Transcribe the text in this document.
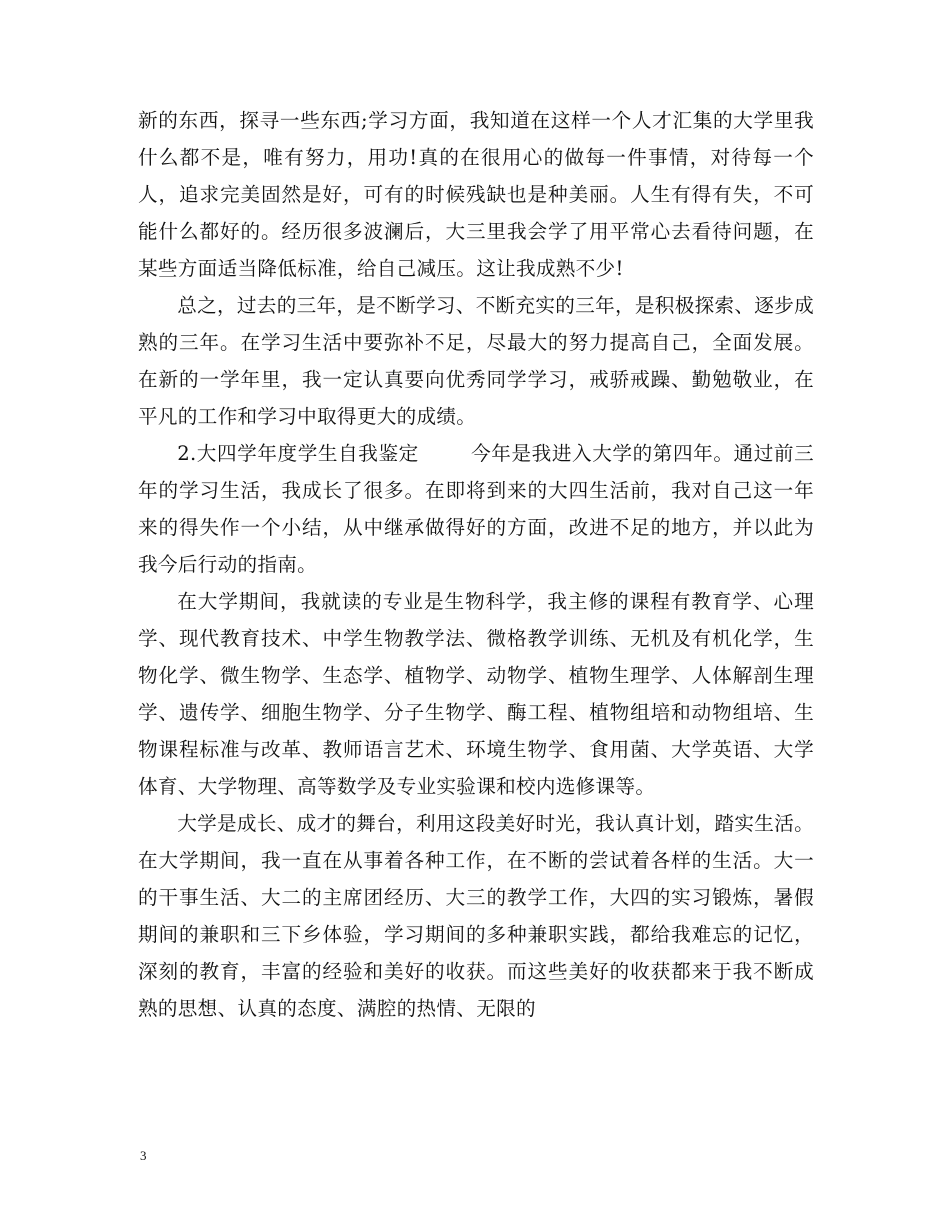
新的东西，探寻一些东西;学习方面，我知道在这样一个人才汇集的大学里我什么都不是，唯有努力，用功!真的在很用心的做每一件事情，对待每一个人，追求完美固然是好，可有的时候残缺也是种美丽。人生有得有失，不可能什么都好的。经历很多波澜后，大三里我会学了用平常心去看待问题，在某些方面适当降低标准，给自己减压。这让我成熟不少!

总之，过去的三年，是不断学习、不断充实的三年，是积极探索、逐步成熟的三年。在学习生活中要弥补不足，尽最大的努力提高自己，全面发展。在新的一学年里，我一定认真要向优秀同学学习，戒骄戒躁、勤勉敬业，在平凡的工作和学习中取得更大的成绩。

2.大四学年度学生自我鉴定	今年是我进入大学的第四年。通过前三年的学习生活，我成长了很多。在即将到来的大四生活前，我对自己这一年来的得失作一个小结，从中继承做得好的方面，改进不足的地方，并以此为我今后行动的指南。

在大学期间，我就读的专业是生物科学，我主修的课程有教育学、心理学、现代教育技术、中学生物教学法、微格教学训练、无机及有机化学，生物化学、微生物学、生态学、植物学、动物学、植物生理学、人体解剖生理学、遗传学、细胞生物学、分子生物学、酶工程、植物组培和动物组培、生物课程标准与改革、教师语言艺术、环境生物学、食用菌、大学英语、大学体育、大学物理、高等数学及专业实验课和校内选修课等。

大学是成长、成才的舞台，利用这段美好时光，我认真计划，踏实生活。在大学期间，我一直在从事着各种工作，在不断的尝试着各样的生活。大一的干事生活、大二的主席团经历、大三的教学工作，大四的实习锻炼，暑假期间的兼职和三下乡体验，学习期间的多种兼职实践，都给我难忘的记忆，深刻的教育，丰富的经验和美好的收获。而这些美好的收获都来于我不断成熟的思想、认真的态度、满腔的热情、无限的

3
